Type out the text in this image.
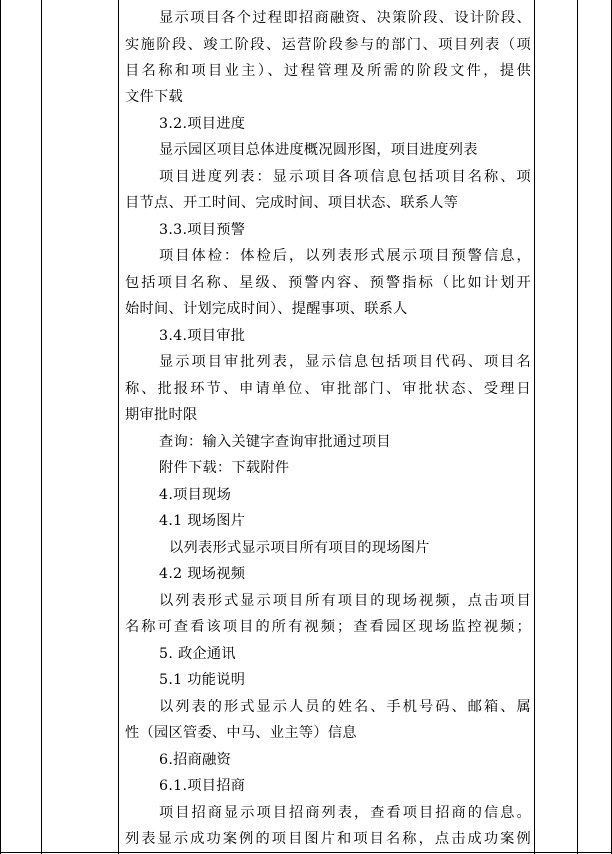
显示项目各个过程即招商融资、决策阶段、设计阶段、
实施阶段、竣工阶段、运营阶段参与的部门、项目列表（项
目名称和项目业主）、过程管理及所需的阶段文件，提供
文件下载
3.2.项目进度
显示园区项目总体进度概况圆形图，项目进度列表
项目进度列表：显示项目各项信息包括项目名称、项
目节点、开工时间、完成时间、项目状态、联系人等
3.3.项目预警
项目体检：体检后，以列表形式展示项目预警信息，
包括项目名称、星级、预警内容、预警指标（比如计划开
始时间、计划完成时间）、提醒事项、联系人
3.4.项目审批
显示项目审批列表，显示信息包括项目代码、项目名
称、批报环节、申请单位、审批部门、审批状态、受理日
期审批时限
查询：输入关键字查询审批通过项目
附件下载：下载附件
4.项目现场
4.1 现场图片
以列表形式显示项目所有项目的现场图片
4.2 现场视频
以列表形式显示项目所有项目的现场视频，点击项目
名称可查看该项目的所有视频；查看园区现场监控视频；
5. 政企通讯
5.1 功能说明
以列表的形式显示人员的姓名、手机号码、邮箱、属
性（园区管委、中马、业主等）信息
6.招商融资
6.1.项目招商
项目招商显示项目招商列表，查看项目招商的信息。
列表显示成功案例的项目图片和项目名称，点击成功案例
